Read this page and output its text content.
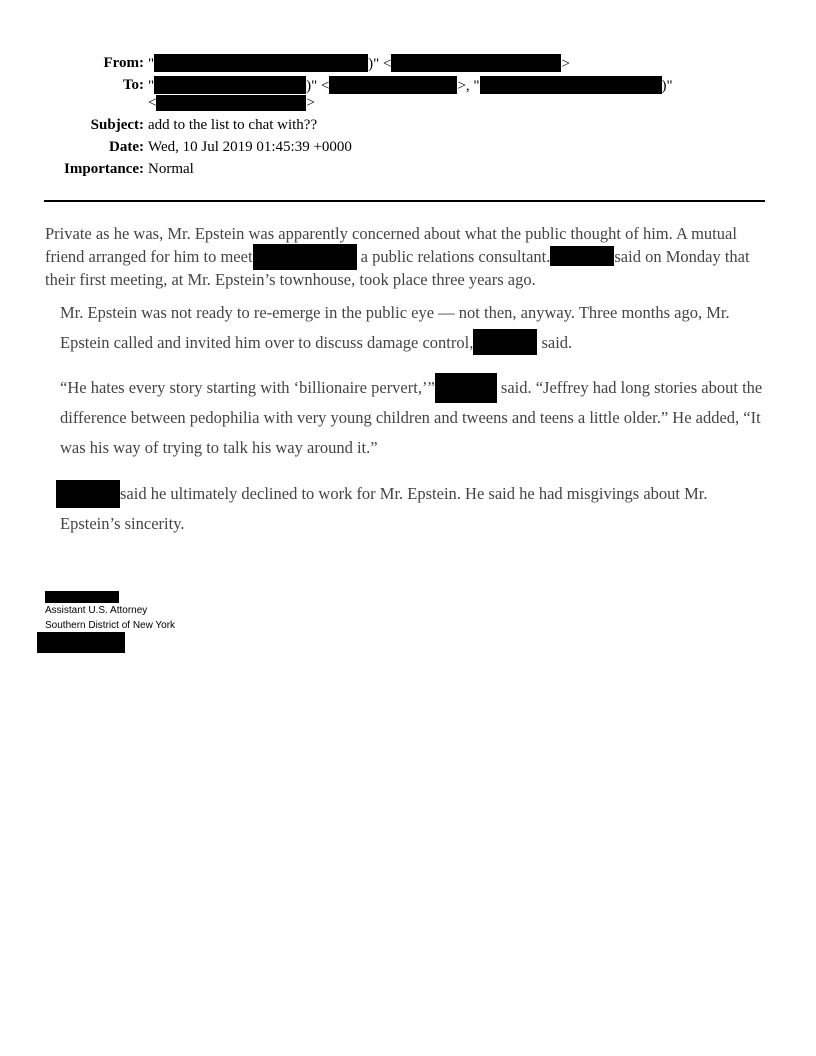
From: "	)" <	>
To: "	)" <	>, "	)"
<	>
Subject: add to the list to chat with??
Date: Wed, 10 Jul 2019 01:45:39 +0000
Importance: Normal
Private as he was, Mr. Epstein was apparently concerned about what the public thought of him. A mutual friend arranged for him to meet	a public relations consultant.	said on Monday that their first meeting, at Mr. Epstein’s townhouse, took place three years ago.
Mr. Epstein was not ready to re-emerge in the public eye — not then, anyway. Three months ago, Mr. Epstein called and invited him over to discuss damage control,	said.
“He hates every story starting with ‘billionaire pervert,’”	said. “Jeffrey had long stories about the difference between pedophilia with very young children and tweens and teens a little older.” He added, “It was his way of trying to talk his way around it.”
said he ultimately declined to work for Mr. Epstein. He said he had misgivings about Mr. Epstein’s sincerity.
Assistant U.S. Attorney
Southern District of New York
